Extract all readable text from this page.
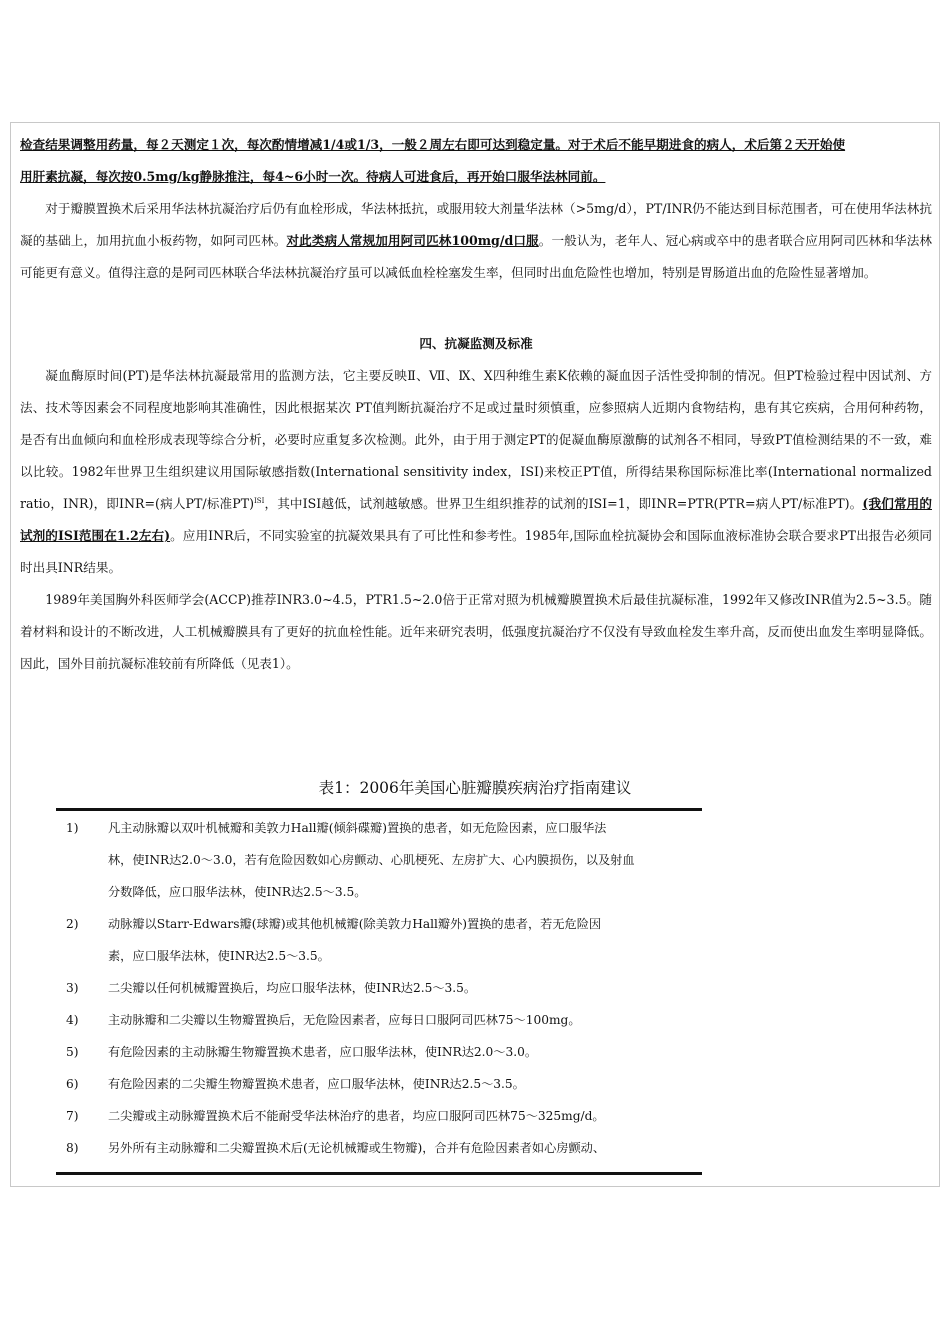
检查结果调整用药量，每２天测定１次，每次酌情增减1/4或1/3，一般２周左右即可达到稳定量。对于术后不能早期进食的病人，术后第２天开始使
用肝素抗凝，每次按0.5mg/kg静脉推注，每4~6小时一次。待病人可进食后，再开始口服华法林同前。

对于瓣膜置换术后采用华法林抗凝治疗后仍有血栓形成，华法林抵抗，或服用较大剂量华法林（>5mg/d），PT/INR仍不能达到目标范围者，可在使用华法林抗凝的基础上，加用抗血小板药物，如阿司匹林。对此类病人常规加用阿司匹林100mg/d口服。一般认为，老年人、冠心病或卒中的患者联合应用阿司匹林和华法林可能更有意义。值得注意的是阿司匹林联合华法林抗凝治疗虽可以减低血栓栓塞发生率，但同时出血危险性也增加，特别是胃肠道出血的危险性显著增加。

四、抗凝监测及标准

凝血酶原时间(PT)是华法林抗凝最常用的监测方法，它主要反映Ⅱ、Ⅶ、Ⅸ、Ⅹ四种维生素K依赖的凝血因子活性受抑制的情况。但PT检验过程中因试剂、方法、技术等因素会不同程度地影响其准确性，因此根据某次 PT值判断抗凝治疗不足或过量时须慎重，应参照病人近期内食物结构，患有其它疾病，合用何种药物，是否有出血倾向和血栓形成表现等综合分析，必要时应重复多次检测。此外，由于用于测定PT的促凝血酶原激酶的试剂各不相同，导致PT值检测结果的不一致，难以比较。1982年世界卫生组织建议用国际敏感指数(International sensitivity index，ISI)来校正PT值，所得结果称国际标准比率(International normalized ratio，INR)，即INR=(病人PT/标准PT)$^{ISI}$，其中ISI越低，试剂越敏感。世界卫生组织推荐的试剂的ISI=1，即INR=PTR(PTR=病人PT/标准PT)。(我们常用的试剂的ISI范围在1.2左右)。应用INR后，不同实验室的抗凝效果具有了可比性和参考性。1985年,国际血栓抗凝协会和国际血液标准协会联合要求PT出报告必须同时出具INR结果。

1989年美国胸外科医师学会(ACCP)推荐INR3.0~4.5，PTR1.5~2.0倍于正常对照为机械瓣膜置换术后最佳抗凝标准，1992年又修改INR值为2.5~3.5。随着材料和设计的不断改进，人工机械瓣膜具有了更好的抗血栓性能。近年来研究表明，低强度抗凝治疗不仅没有导致血栓发生率升高，反而使出血发生率明显降低。因此，国外目前抗凝标准较前有所降低（见表1）。

表1：2006年美国心脏瓣膜疾病治疗指南建议
1)	凡主动脉瓣以双叶机械瓣和美敦力Hall瓣(倾斜碟瓣)置换的患者，如无危险因素，应口服华法
林，使INR达2.0～3.0，若有危险因数如心房颤动、心肌梗死、左房扩大、心内膜损伤，以及射血
分数降低，应口服华法林，使INR达2.5～3.5。
2)	动脉瓣以Starr-Edwars瓣(球瓣)或其他机械瓣(除美敦力Hall瓣外)置换的患者，若无危险因
素，应口服华法林，使INR达2.5～3.5。
3)	二尖瓣以任何机械瓣置换后，均应口服华法林，使INR达2.5～3.5。
4)	主动脉瓣和二尖瓣以生物瓣置换后，无危险因素者，应每日口服阿司匹林75～100mg。
5)	有危险因素的主动脉瓣生物瓣置换术患者，应口服华法林，使INR达2.0～3.0。
6)	有危险因素的二尖瓣生物瓣置换术患者，应口服华法林，使INR达2.5～3.5。
7)	二尖瓣或主动脉瓣置换术后不能耐受华法林治疗的患者，均应口服阿司匹林75～325mg/d。
8)	另外所有主动脉瓣和二尖瓣置换术后(无论机械瓣或生物瓣)，合并有危险因素者如心房颤动、
